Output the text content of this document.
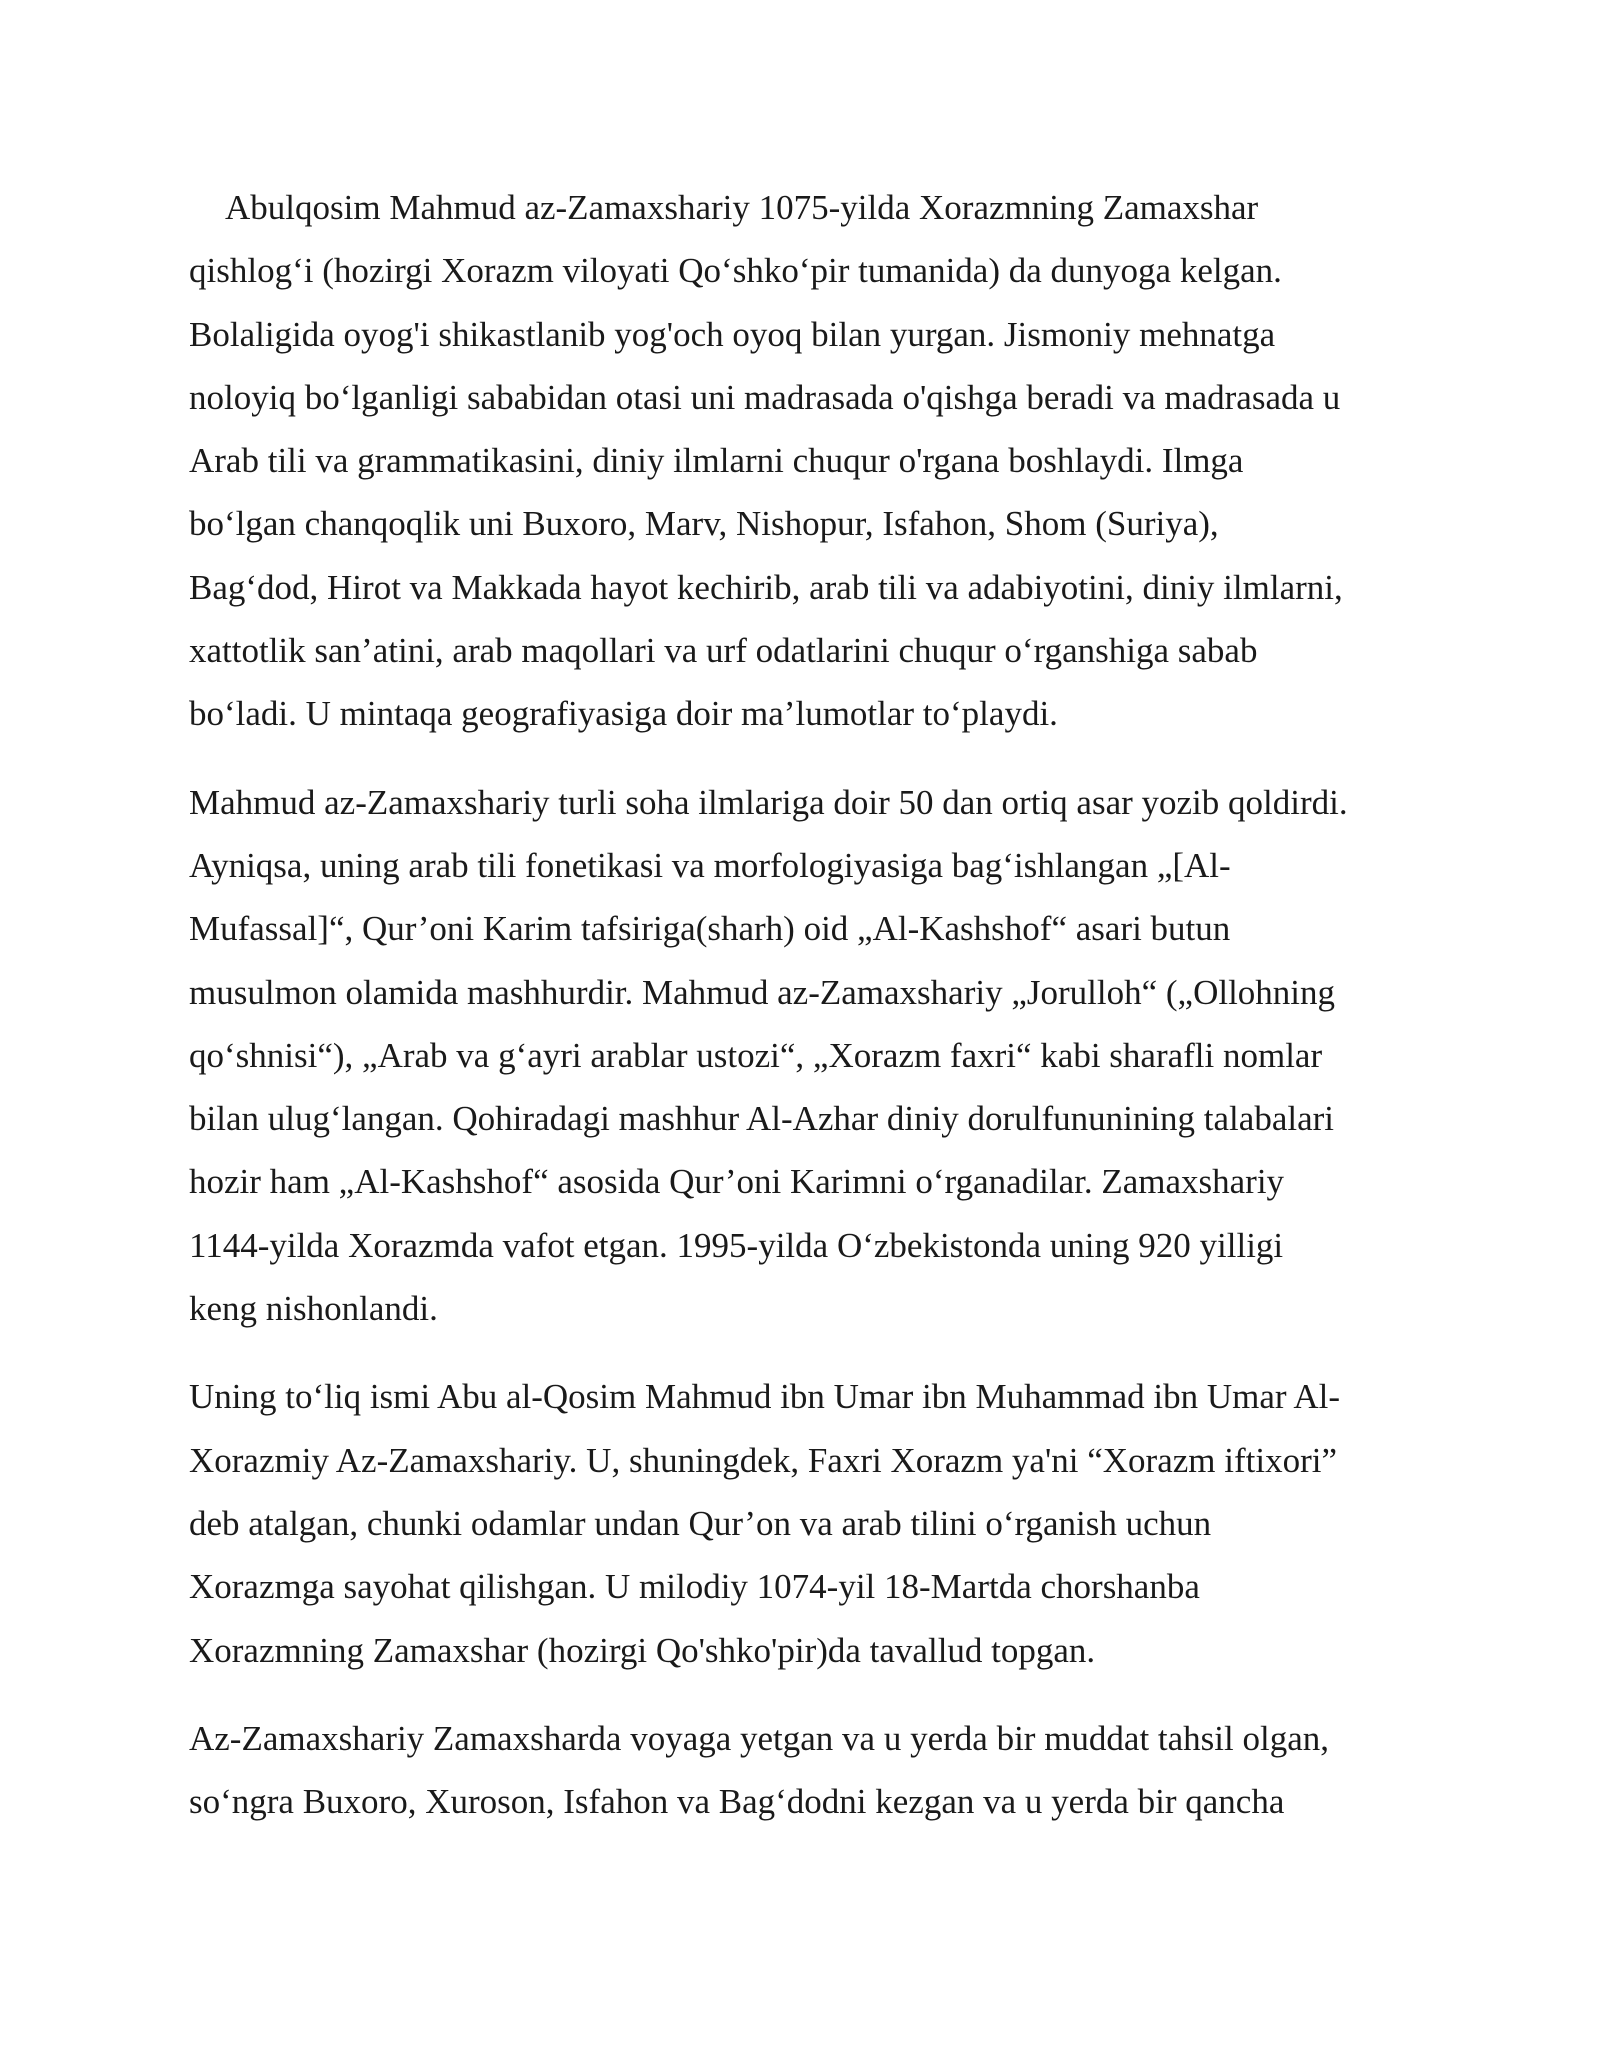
Abulqosim Mahmud az-Zamaxshariy 1075-yilda Xorazmning Zamaxshar
qishlog‘i (hozirgi Xorazm viloyati Qo‘shko‘pir tumanida) da dunyoga kelgan.
Bolaligida oyog'i shikastlanib yog'och oyoq bilan yurgan. Jismoniy mehnatga
noloyiq bo‘lganligi sababidan otasi uni madrasada o'qishga beradi va madrasada u
Arab tili va grammatikasini, diniy ilmlarni chuqur o'rgana boshlaydi. Ilmga
bo‘lgan chanqoqlik uni Buxoro, Marv, Nishopur, Isfahon, Shom (Suriya),
Bag‘dod, Hirot va Makkada hayot kechirib, arab tili va adabiyotini, diniy ilmlarni,
xattotlik san’atini, arab maqollari va urf odatlarini chuqur o‘rganshiga sabab
bo‘ladi. U mintaqa geografiyasiga doir ma’lumotlar to‘playdi.
Mahmud az-Zamaxshariy turli soha ilmlariga doir 50 dan ortiq asar yozib qoldirdi.
Ayniqsa, uning arab tili fonetikasi va morfologiyasiga bag‘ishlangan „[Al-
Mufassal]“, Qur’oni Karim tafsiriga(sharh) oid „Al-Kashshof“ asari butun
musulmon olamida mashhurdir. Mahmud az-Zamaxshariy „Jorulloh“ („Ollohning
qo‘shnisi“), „Arab va g‘ayri arablar ustozi“, „Xorazm faxri“ kabi sharafli nomlar
bilan ulug‘langan. Qohiradagi mashhur Al-Azhar diniy dorulfununining talabalari
hozir ham „Al-Kashshof“ asosida Qur’oni Karimni o‘rganadilar. Zamaxshariy
1144-yilda Xorazmda vafot etgan. 1995-yilda O‘zbekistonda uning 920 yilligi
keng nishonlandi.
Uning to‘liq ismi Abu al-Qosim Mahmud ibn Umar ibn Muhammad ibn Umar Al-
Xorazmiy Az-Zamaxshariy. U, shuningdek, Faxri Xorazm ya'ni “Xorazm iftixori”
deb atalgan, chunki odamlar undan Qur’on va arab tilini o‘rganish uchun
Xorazmga sayohat qilishgan. U milodiy 1074-yil 18-Martda chorshanba
Xorazmning Zamaxshar (hozirgi Qo'shko'pir)da tavallud topgan.
Az-Zamaxshariy Zamaxsharda voyaga yetgan va u yerda bir muddat tahsil olgan,
so‘ngra Buxoro, Xuroson, Isfahon va Bag‘dodni kezgan va u yerda bir qancha
